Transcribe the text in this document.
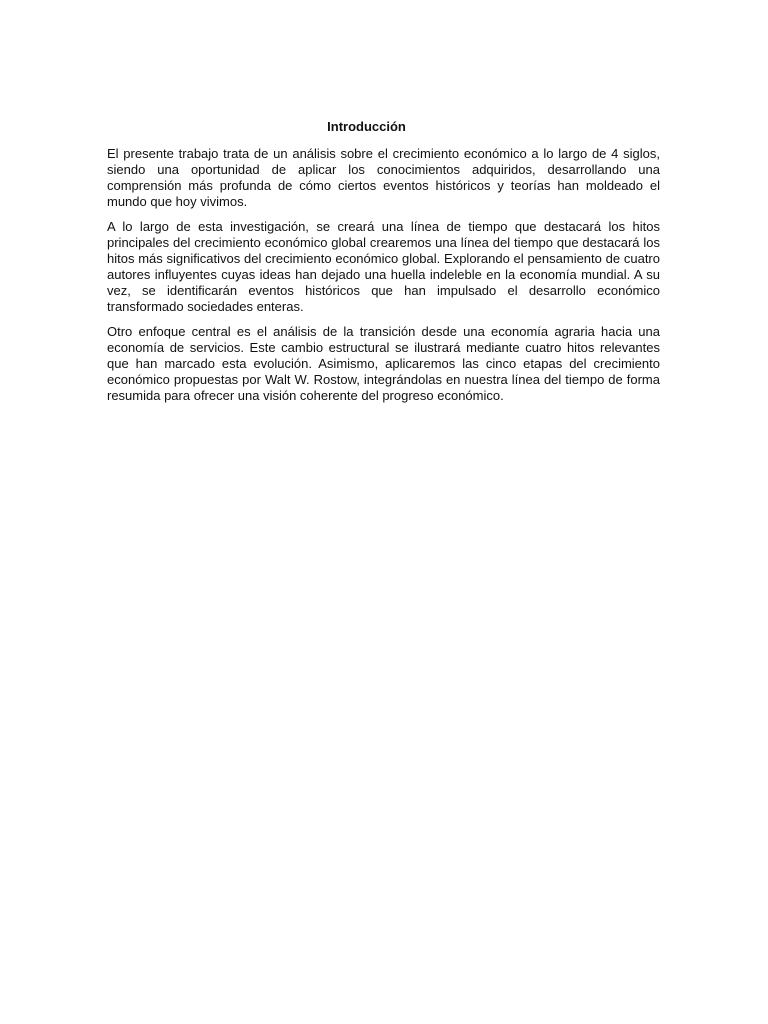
Introducción

El presente trabajo trata de un análisis sobre el crecimiento económico a lo largo de 4 siglos, siendo una oportunidad de aplicar los conocimientos adquiridos, desarrollando una comprensión más profunda de cómo ciertos eventos históricos y teorías han moldeado el mundo que hoy vivimos.

A lo largo de esta investigación, se creará una línea de tiempo que destacará los hitos principales del crecimiento económico global crearemos una línea del tiempo que destacará los hitos más significativos del crecimiento económico global. Explorando el pensamiento de cuatro autores influyentes cuyas ideas han dejado una huella indeleble en la economía mundial. A su vez, se identificarán eventos históricos que han impulsado el desarrollo económico transformado sociedades enteras.

Otro enfoque central es el análisis de la transición desde una economía agraria hacia una economía de servicios. Este cambio estructural se ilustrará mediante cuatro hitos relevantes que han marcado esta evolución. Asimismo, aplicaremos las cinco etapas del crecimiento económico propuestas por Walt W. Rostow, integrándolas en nuestra línea del tiempo de forma resumida para ofrecer una visión coherente del progreso económico.
